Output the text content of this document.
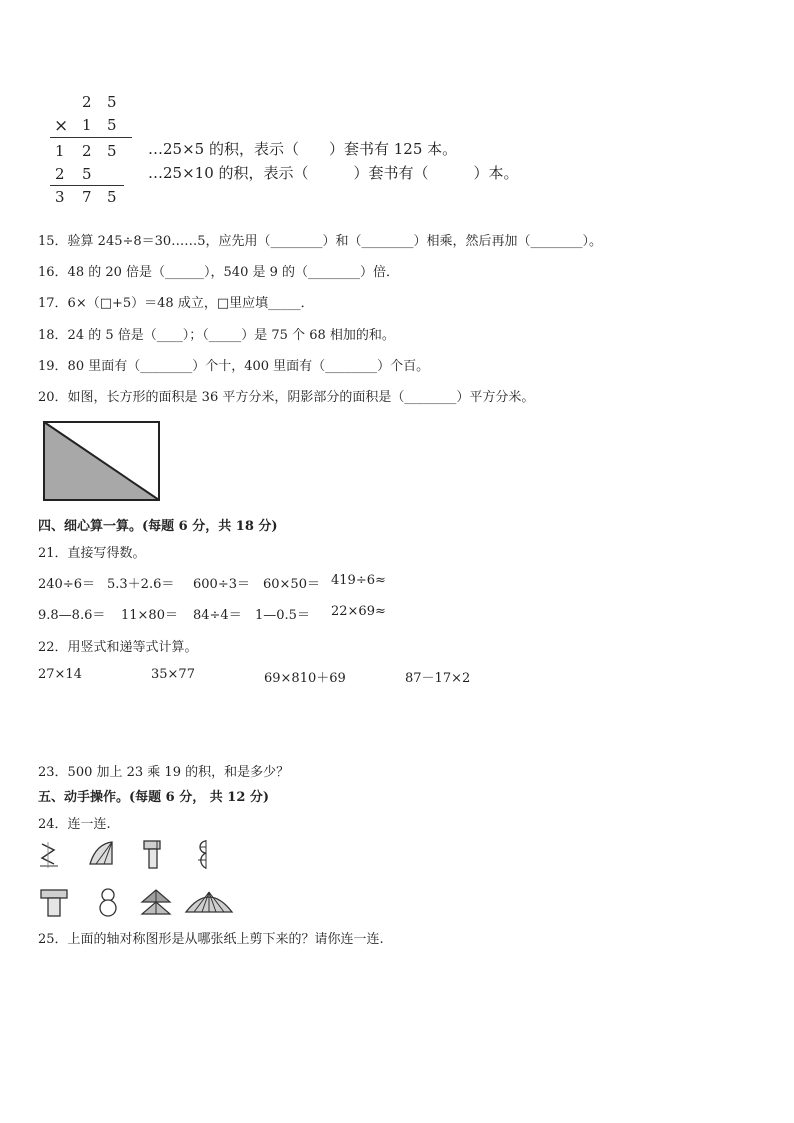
2 5
× 1 5
1 2 5
2 5
3 7 5
…25×5 的积，表示（　　）套书有 125 本。
…25×10 的积，表示（　　　）套书有（　　　）本。
15．验算 245÷8＝30……5，应先用（________）和（________）相乘，然后再加（________）。
16．48 的 20 倍是（______），540 是 9 的（________）倍．
17．6×（□+5）＝48 成立，□里应填_____．
18．24 的 5 倍是（____）；（_____）是 75 个 68 相加的和。
19．80 里面有（________）个十，400 里面有（________）个百。
20．如图，长方形的面积是 36 平方分米，阴影部分的面积是（________）平方分米。
四、细心算一算。(每题 6 分，共 18 分)
21．直接写得数。
240÷6＝ 5.3＋2.6＝ 600÷3＝ 60×50＝ 419÷6≈
9.8—8.6＝ 11×80＝ 84÷4＝ 1—0.5＝ 22×69≈
22．用竖式和递等式计算。
27×14	35×77	69×810＋69	87－17×2
23．500 加上 23 乘 19 的积，和是多少？
五、动手操作。(每题 6 分， 共 12 分)
24．连一连.
25．上面的轴对称图形是从哪张纸上剪下来的？请你连一连.
